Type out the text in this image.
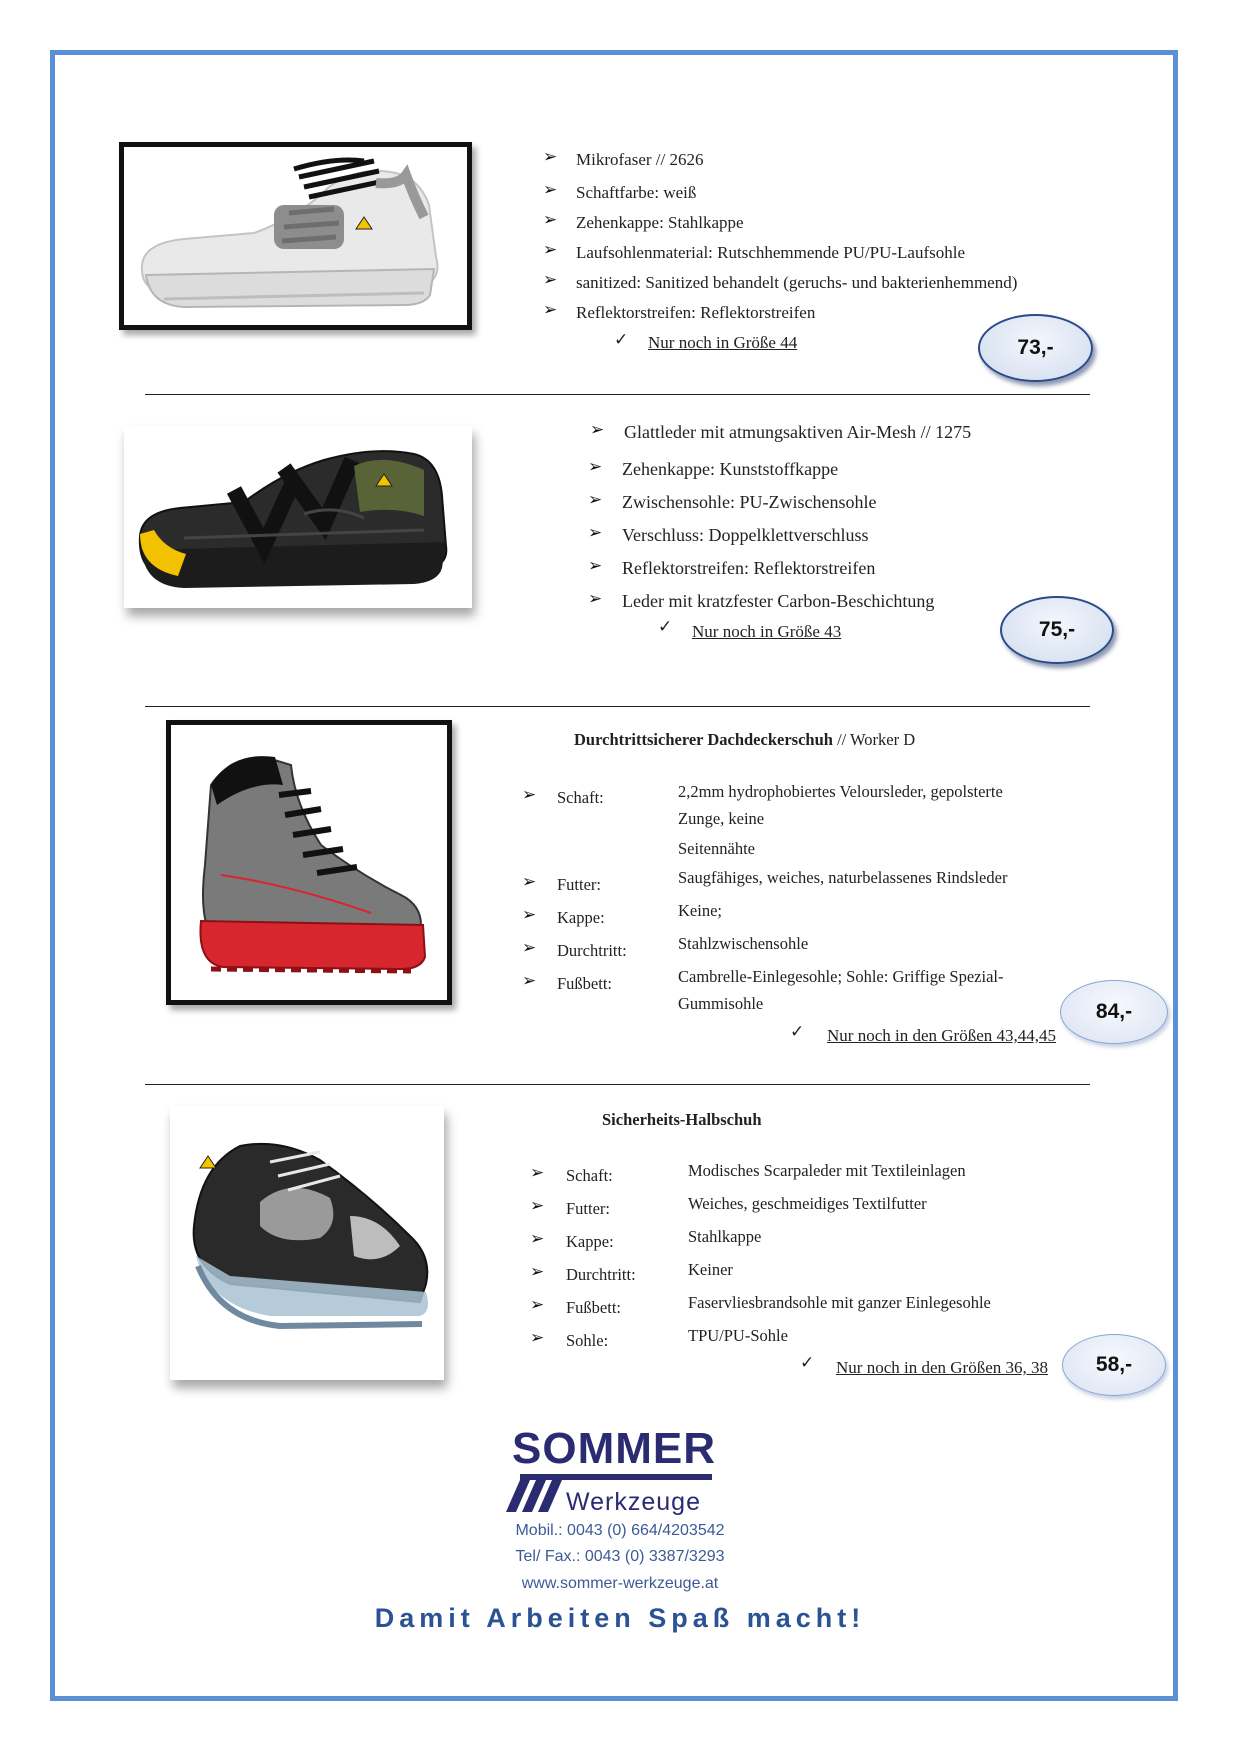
➢ Mikrofaser // 2626
➢ Schaftfarbe: weiß
➢ Zehenkappe: Stahlkappe
➢ Laufsohlenmaterial: Rutschhemmende PU/PU-Laufsohle
➢ sanitized: Sanitized behandelt (geruchs- und bakterienhemmend)
➢ Reflektorstreifen: Reflektorstreifen
✓ Nur noch in Größe 44	73,-
➢ Glattleder mit atmungsaktiven Air-Mesh // 1275
➢ Zehenkappe: Kunststoffkappe
➢ Zwischensohle: PU-Zwischensohle
➢ Verschluss: Doppelklettverschluss
➢ Reflektorstreifen: Reflektorstreifen
➢ Leder mit kratzfester Carbon-Beschichtung
✓ Nur noch in Größe 43	75,-
Durchtrittsicherer Dachdeckerschuh // Worker D
➢ Schaft:	2,2mm hydrophobiertes Veloursleder, gepolsterte
Zunge, keine
Seitennähte
➢ Futter:	Saugfähiges, weiches, naturbelassenes Rindsleder
➢ Kappe:	Keine;
➢ Durchtritt:	Stahlzwischensohle
➢ Fußbett:	Cambrelle-Einlegesohle; Sohle: Griffige Spezial-
Gummisohle
✓ Nur noch in den Größen 43,44,45
84,-
Sicherheits-Halbschuh
➢ Schaft:	Modisches Scarpaleder mit Textileinlagen
➢ Futter:	Weiches, geschmeidiges Textilfutter
➢ Kappe:	Stahlkappe
➢ Durchtritt:	Keiner
➢ Fußbett:	Faservliesbrandsohle mit ganzer Einlegesohle
➢ Sohle:	TPU/PU-Sohle
✓ Nur noch in den Größen 36, 38	58,-
SOMMER
Werkzeuge
Mobil.: 0043 (0) 664/4203542
Tel/ Fax.: 0043 (0) 3387/3293
www.sommer-werkzeuge.at
Damit Arbeiten Spaß macht!
